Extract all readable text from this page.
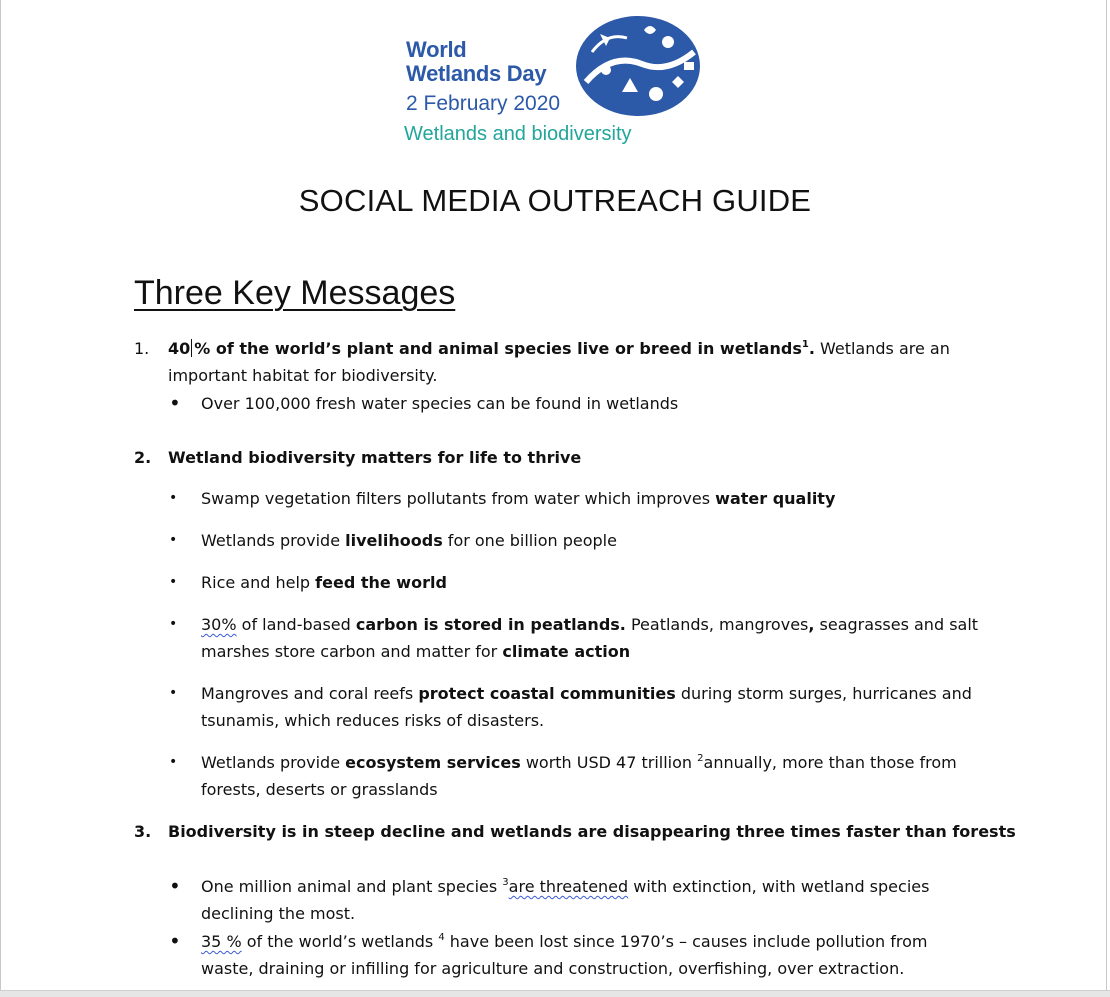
World
Wetlands Day
2 February 2020
Wetlands and biodiversity
SOCIAL MEDIA OUTREACH GUIDE
Three Key Messages
1. 40 % of the world’s plant and animal species live or breed in wetlands$^1$. Wetlands are an
important habitat for biodiversity.
• Over 100,000 fresh water species can be found in wetlands
2. Wetland biodiversity matters for life to thrive
• Swamp vegetation filters pollutants from water which improves water quality
• Wetlands provide livelihoods for one billion people
• Rice and help feed the world
• 30% of land-based carbon is stored in peatlands. Peatlands, mangroves, seagrasses and salt
marshes store carbon and matter for climate action
• Mangroves and coral reefs protect coastal communities during storm surges, hurricanes and
tsunamis, which reduces risks of disasters.
• Wetlands provide ecosystem services worth USD 47 trillion $^2$annually, more than those from
forests, deserts or grasslands
3. Biodiversity is in steep decline and wetlands are disappearing three times faster than forests
• One million animal and plant species $^3$are threatened with extinction, with wetland species
declining the most.
• 35 % of the world’s wetlands $^4$ have been lost since 1970’s – causes include pollution from
waste, draining or infilling for agriculture and construction, overfishing, over extraction.
